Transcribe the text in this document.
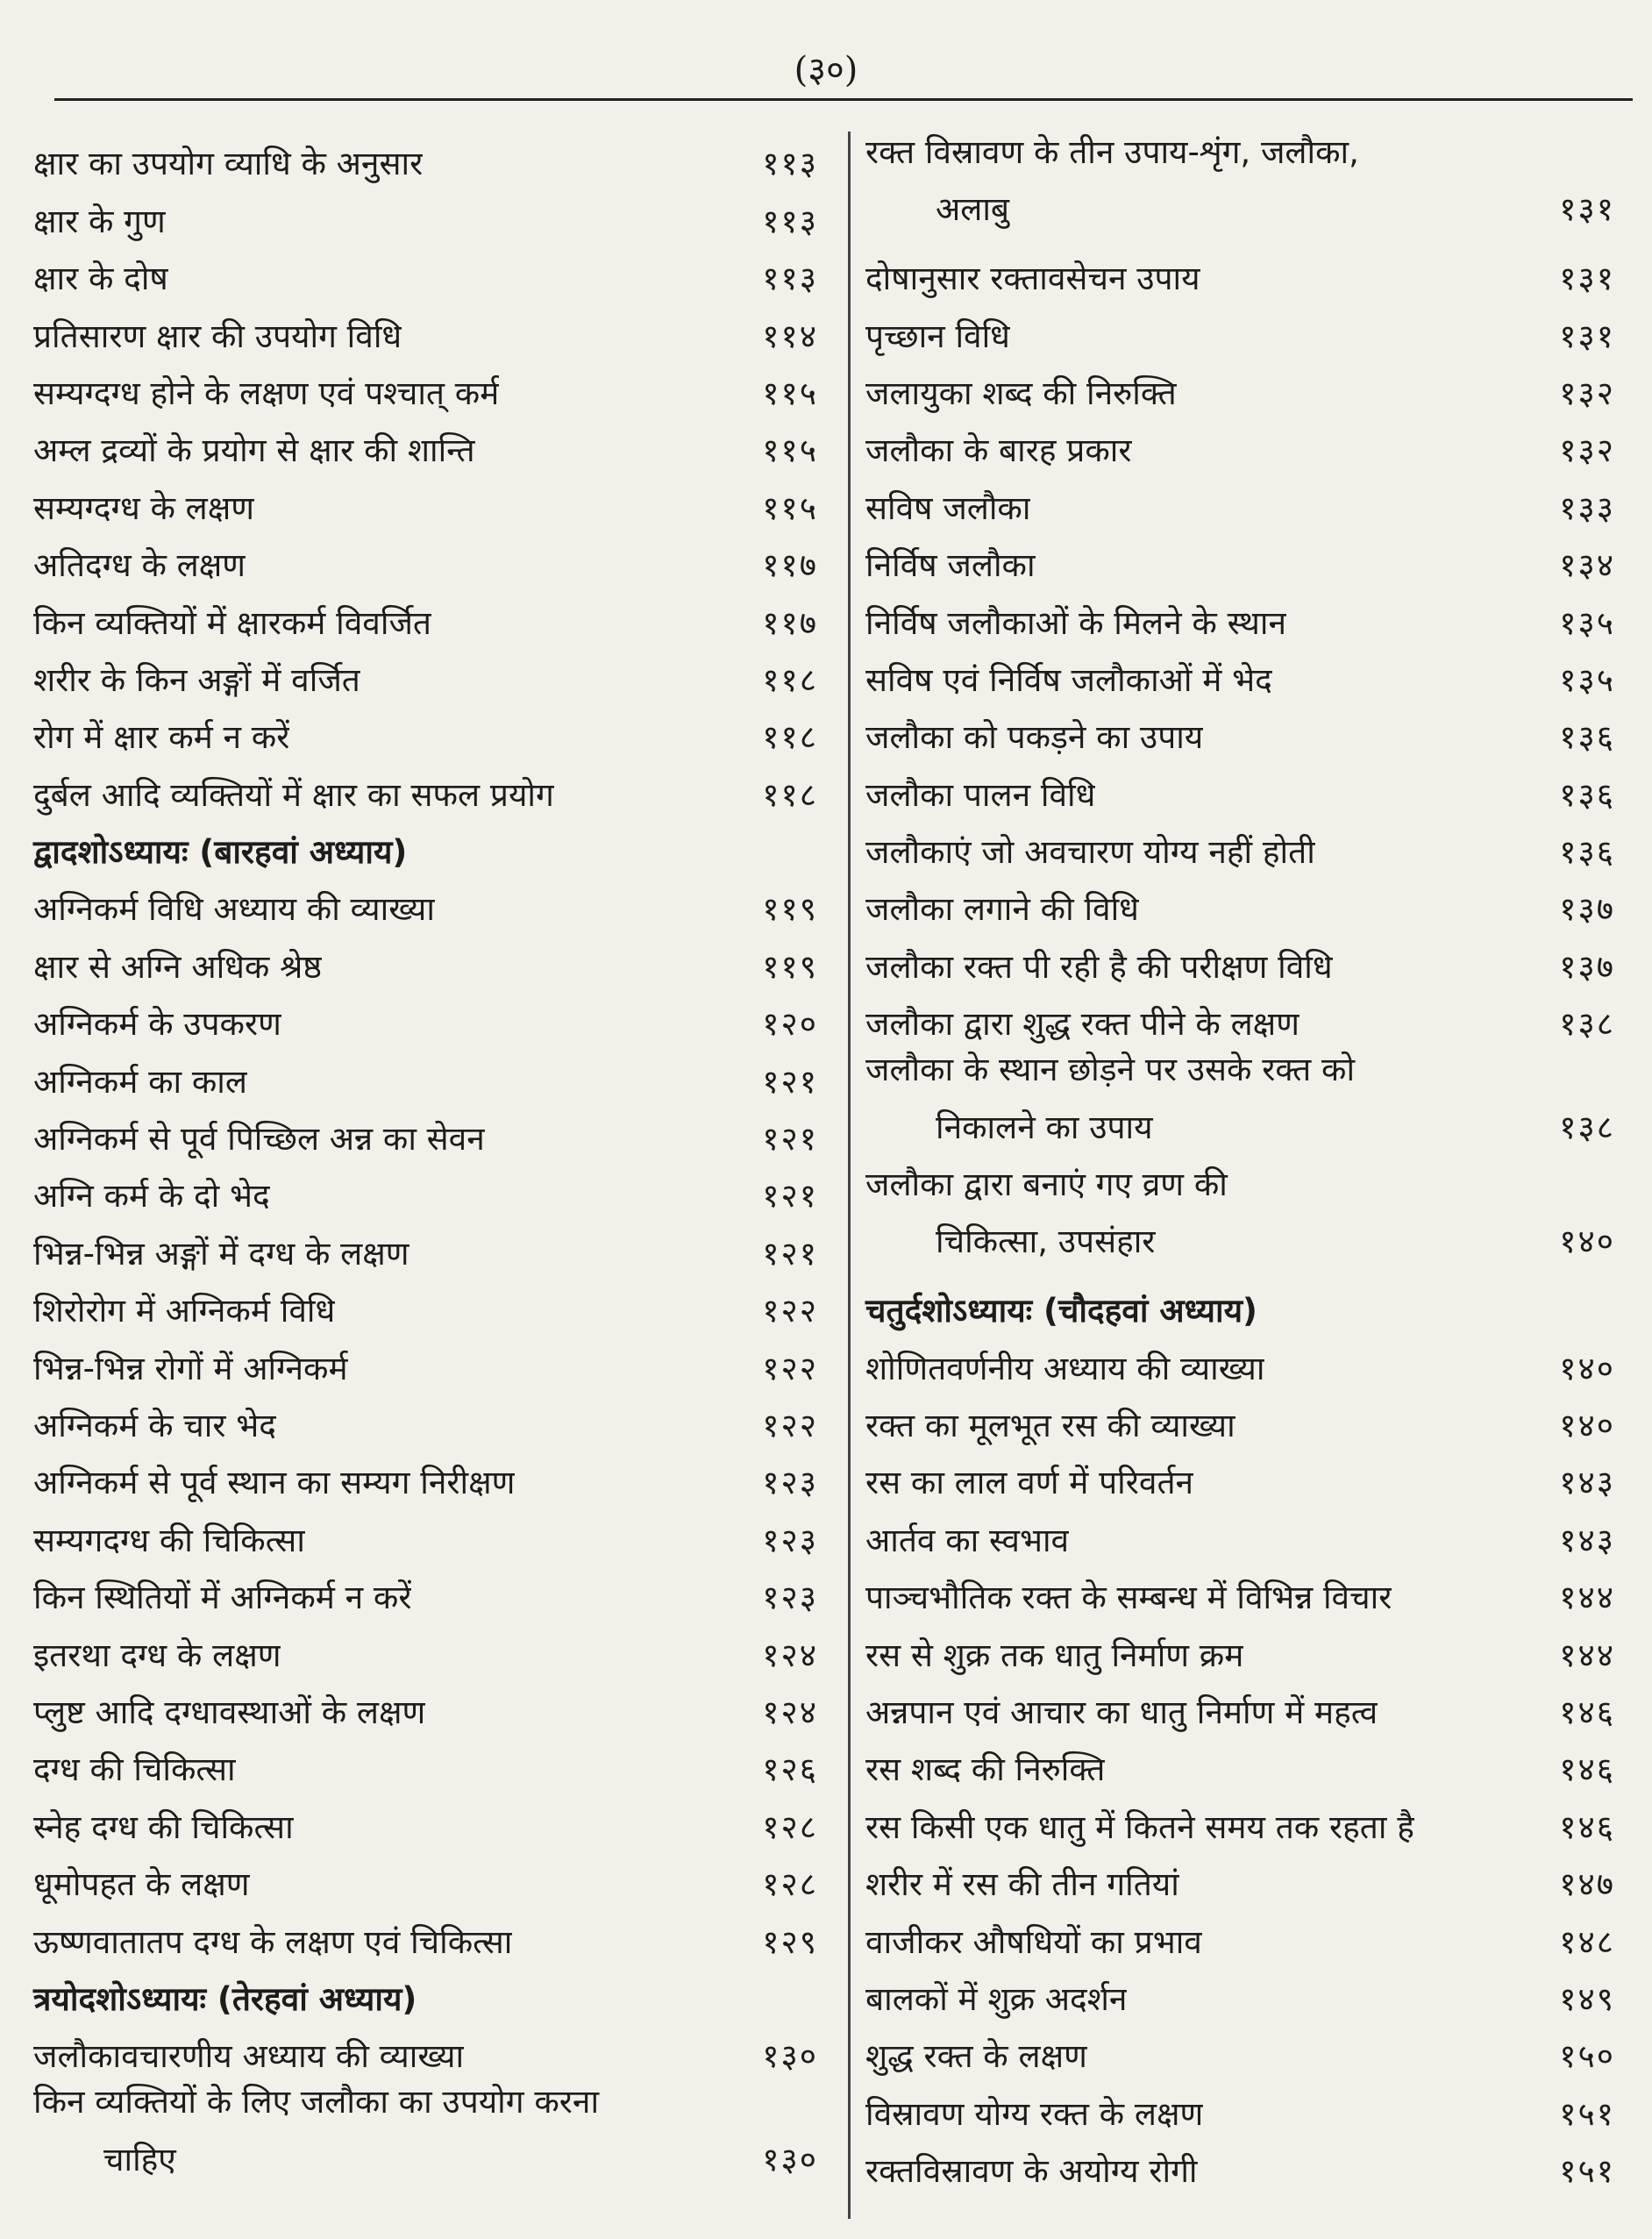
(३०)
क्षार का उपयोग व्याधि के अनुसार	११३
क्षार के गुण	११३
क्षार के दोष	११३
प्रतिसारण क्षार की उपयोग विधि	११४
सम्यग्दग्ध होने के लक्षण एवं पश्चात् कर्म	११५
अम्ल द्रव्यों के प्रयोग से क्षार की शान्ति	११५
सम्यग्दग्ध के लक्षण	११५
अतिदग्ध के लक्षण	११७
किन व्यक्तियों में क्षारकर्म विवर्जित	११७
शरीर के किन अङ्गों में वर्जित	११८
रोग में क्षार कर्म न करें	११८
दुर्बल आदि व्यक्तियों में क्षार का सफल प्रयोग	११८
द्वादशोऽध्यायः (बारहवां अध्याय)
अग्निकर्म विधि अध्याय की व्याख्या	११९
क्षार से अग्नि अधिक श्रेष्ठ	११९
अग्निकर्म के उपकरण	१२०
अग्निकर्म का काल	१२१
अग्निकर्म से पूर्व पिच्छिल अन्न का सेवन	१२१
अग्नि कर्म के दो भेद	१२१
भिन्न-भिन्न अङ्गों में दग्ध के लक्षण	१२१
शिरोरोग में अग्निकर्म विधि	१२२
भिन्न-भिन्न रोगों में अग्निकर्म	१२२
अग्निकर्म के चार भेद	१२२
अग्निकर्म से पूर्व स्थान का सम्यग निरीक्षण	१२३
सम्यगदग्ध की चिकित्सा	१२३
किन स्थितियों में अग्निकर्म न करें	१२३
इतरथा दग्ध के लक्षण	१२४
प्लुष्ट आदि दग्धावस्थाओं के लक्षण	१२४
दग्ध की चिकित्सा	१२६
स्नेह दग्ध की चिकित्सा	१२८
धूमोपहत के लक्षण	१२८
ऊष्णवातातप दग्ध के लक्षण एवं चिकित्सा	१२९
त्रयोदशोऽध्यायः (तेरहवां अध्याय)
जलौकावचारणीय अध्याय की व्याख्या	१३०
किन व्यक्तियों के लिए जलौका का उपयोग करना
चाहिए	१३०
रक्त विस्रावण के तीन उपाय-शृंग, जलौका,
अलाबु	१३१
दोषानुसार रक्तावसेचन उपाय	१३१
पृच्छान विधि	१३१
जलायुका शब्द की निरुक्ति	१३२
जलौका के बारह प्रकार	१३२
सविष जलौका	१३३
निर्विष जलौका	१३४
निर्विष जलौकाओं के मिलने के स्थान	१३५
सविष एवं निर्विष जलौकाओं में भेद	१३५
जलौका को पकड़ने का उपाय	१३६
जलौका पालन विधि	१३६
जलौकाएं जो अवचारण योग्य नहीं होती	१३६
जलौका लगाने की विधि	१३७
जलौका रक्त पी रही है की परीक्षण विधि	१३७
जलौका द्वारा शुद्ध रक्त पीने के लक्षण	१३८
जलौका के स्थान छोड़ने पर उसके रक्त को
निकालने का उपाय	१३८
जलौका द्वारा बनाएं गए व्रण की
चिकित्सा, उपसंहार	१४०
चतुर्दशोऽध्यायः (चौदहवां अध्याय)
शोणितवर्णनीय अध्याय की व्याख्या	१४०
रक्त का मूलभूत रस की व्याख्या	१४०
रस का लाल वर्ण में परिवर्तन	१४३
आर्तव का स्वभाव	१४३
पाञ्चभौतिक रक्त के सम्बन्ध में विभिन्न विचार	१४४
रस से शुक्र तक धातु निर्माण क्रम	१४४
अन्नपान एवं आचार का धातु निर्माण में महत्व	१४६
रस शब्द की निरुक्ति	१४६
रस किसी एक धातु में कितने समय तक रहता है	१४६
शरीर में रस की तीन गतियां	१४७
वाजीकर औषधियों का प्रभाव	१४८
बालकों में शुक्र अदर्शन	१४९
शुद्ध रक्त के लक्षण	१५०
विस्रावण योग्य रक्त के लक्षण	१५१
रक्तविस्रावण के अयोग्य रोगी	१५१
